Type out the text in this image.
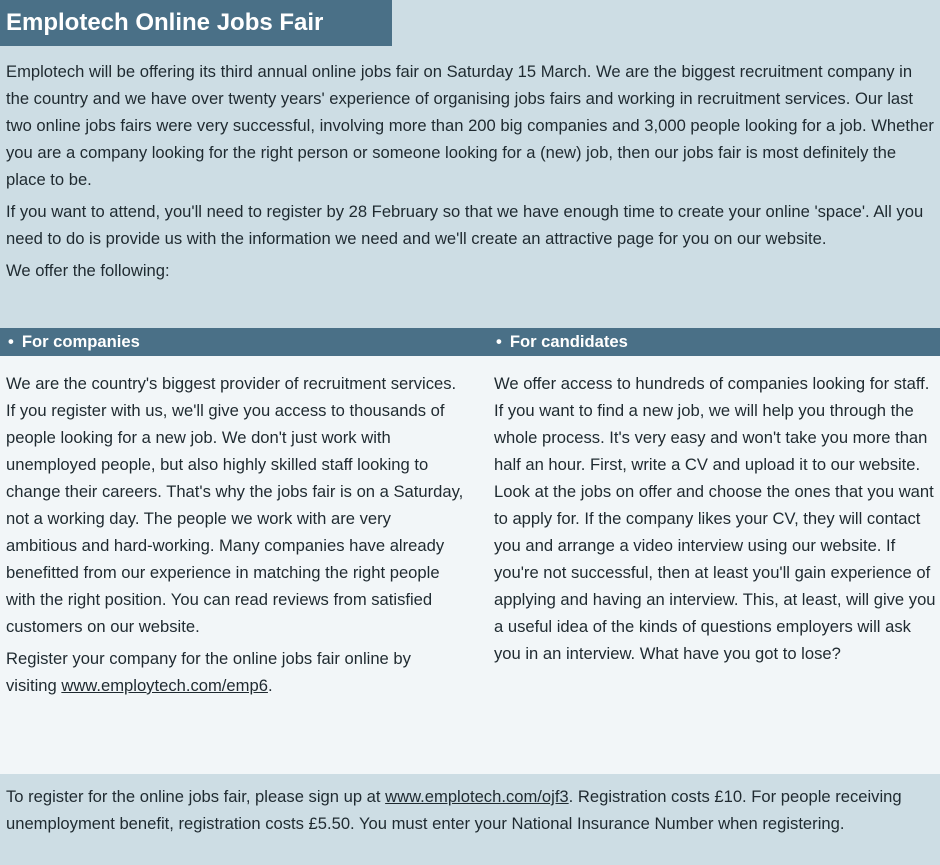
Emplotech Online Jobs Fair

Emplotech will be offering its third annual online jobs fair on Saturday 15 March. We are the biggest recruitment company in the country and we have over twenty years' experience of organising jobs fairs and working in recruitment services. Our last two online jobs fairs were very successful, involving more than 200 big companies and 3,000 people looking for a job. Whether you are a company looking for the right person or someone looking for a (new) job, then our jobs fair is most definitely the place to be.

If you want to attend, you'll need to register by 28 February so that we have enough time to create your online 'space'. All you need to do is provide us with the information we need and we'll create an attractive page for you on our website.

We offer the following:

• For companies	• For candidates

We are the country's biggest provider of recruitment services. If you register with us, we'll give you access to thousands of people looking for a new job. We don't just work with unemployed people, but also highly skilled staff looking to change their careers. That's why the jobs fair is on a Saturday, not a working day. The people we work with are very ambitious and hard-working. Many companies have already benefitted from our experience in matching the right people with the right position. You can read reviews from satisfied customers on our website.

Register your company for the online jobs fair online by visiting www.employtech.com/emp6.

We offer access to hundreds of companies looking for staff. If you want to find a new job, we will help you through the whole process. It's very easy and won't take you more than half an hour. First, write a CV and upload it to our website. Look at the jobs on offer and choose the ones that you want to apply for. If the company likes your CV, they will contact you and arrange a video interview using our website. If you're not successful, then at least you'll gain experience of applying and having an interview. This, at least, will give you a useful idea of the kinds of questions employers will ask you in an interview. What have you got to lose?

To register for the online jobs fair, please sign up at www.emplotech.com/ojf3. Registration costs £10. For people receiving unemployment benefit, registration costs £5.50. You must enter your National Insurance Number when registering.
